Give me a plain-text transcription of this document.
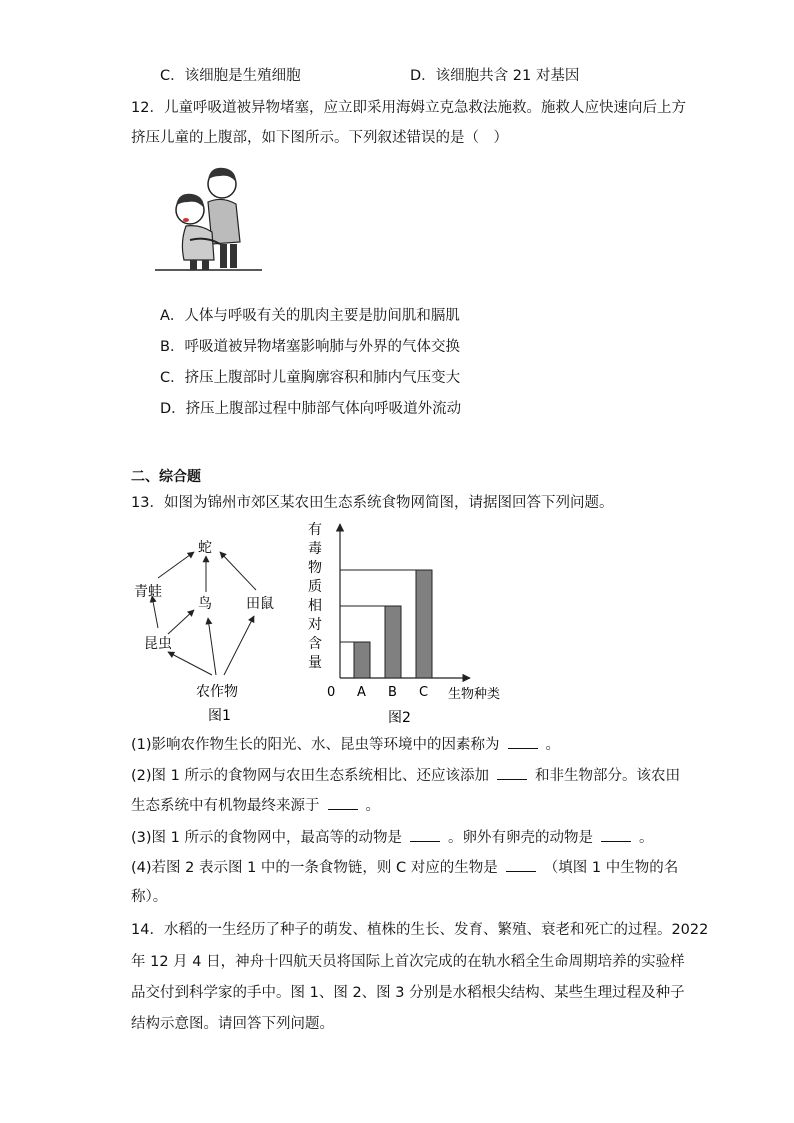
C．该细胞是生殖细胞	D．该细胞共含 21 对基因
12．儿童呼吸道被异物堵塞，应立即采用海姆立克急救法施救。施救人应快速向后上方
挤压儿童的上腹部，如下图所示。下列叙述错误的是（　）
A．人体与呼吸有关的肌肉主要是肋间肌和膈肌
B．呼吸道被异物堵塞影响肺与外界的气体交换
C．挤压上腹部时儿童胸廓容积和肺内气压变大
D．挤压上腹部过程中肺部气体向呼吸道外流动
二、综合题
13．如图为锦州市郊区某农田生态系统食物网简图，请据图回答下列问题。
蛇
青蛙
鸟 田鼠
昆虫
农作物
图1
有
毒
物
质
相
对
含
量
A B C
0	生物种类
图2
(1)影响农作物生长的阳光、水、昆虫等环境中的因素称为	。
(2)图 1 所示的食物网与农田生态系统相比、还应该添加	和非生物部分。该农田
生态系统中有机物最终来源于	。
(3)图 1 所示的食物网中，最高等的动物是	。卵外有卵壳的动物是	。
(4)若图 2 表示图 1 中的一条食物链，则 C 对应的生物是	（填图 1 中生物的名
称）。
14．水稻的一生经历了种子的萌发、植株的生长、发育、繁殖、衰老和死亡的过程。2022
年 12 月 4 日，神舟十四航天员将国际上首次完成的在轨水稻全生命周期培养的实验样
品交付到科学家的手中。图 1、图 2、图 3 分别是水稻根尖结构、某些生理过程及种子
结构示意图。请回答下列问题。
